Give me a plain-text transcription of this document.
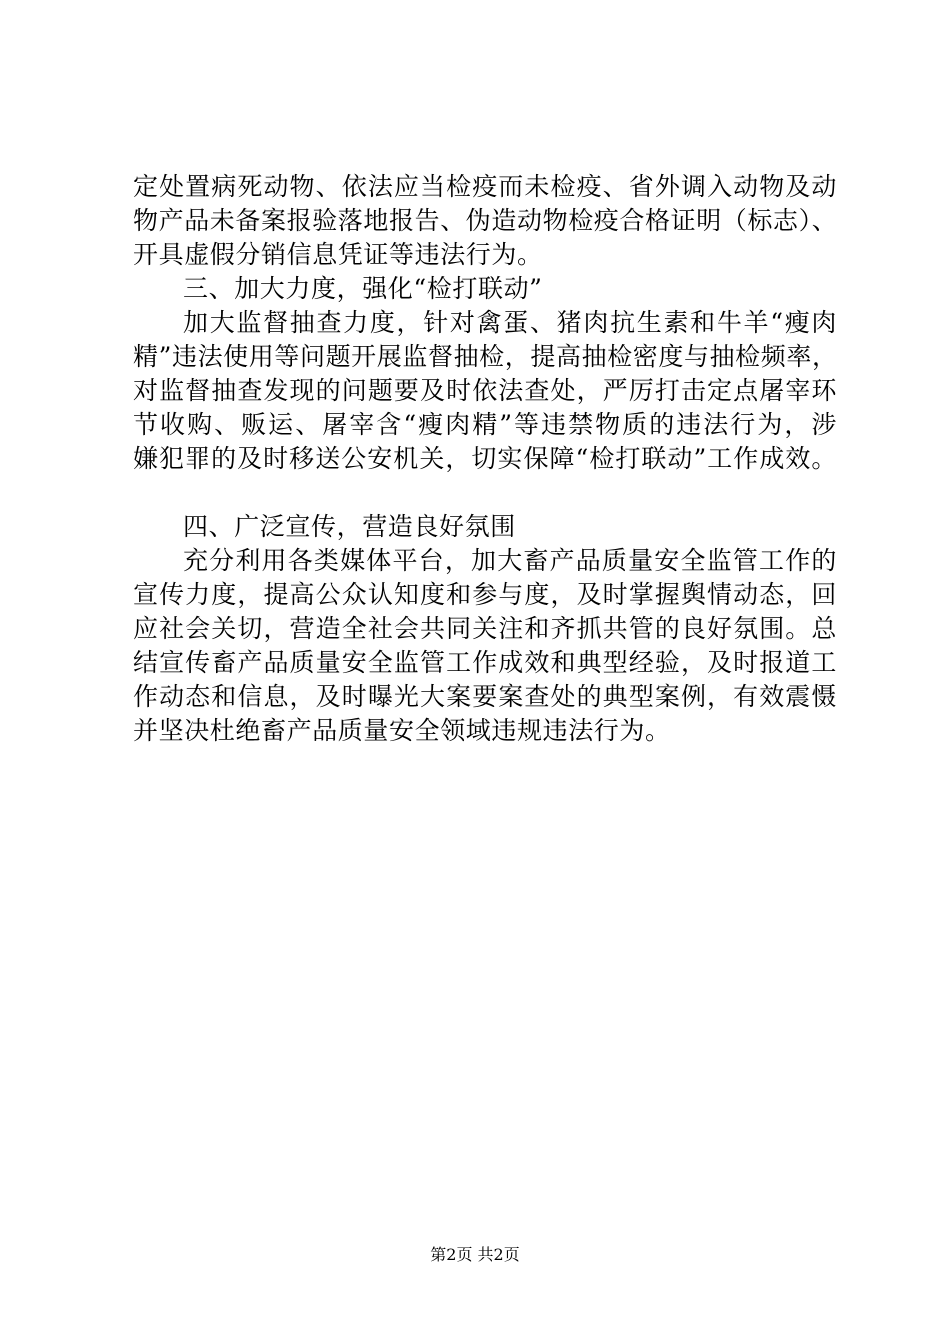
定处置病死动物、依法应当检疫而未检疫、省外调入动物及动
物产品未备案报验落地报告、伪造动物检疫合格证明（标志）、
开具虚假分销信息凭证等违法行为。
三、加大力度，强化“检打联动”
加大监督抽查力度，针对禽蛋、猪肉抗生素和牛羊“瘦肉
精”违法使用等问题开展监督抽检，提高抽检密度与抽检频率，
对监督抽查发现的问题要及时依法查处，严厉打击定点屠宰环
节收购、贩运、屠宰含“瘦肉精”等违禁物质的违法行为，涉
嫌犯罪的及时移送公安机关，切实保障“检打联动”工作成效。
四、广泛宣传，营造良好氛围
充分利用各类媒体平台，加大畜产品质量安全监管工作的
宣传力度，提高公众认知度和参与度，及时掌握舆情动态，回
应社会关切，营造全社会共同关注和齐抓共管的良好氛围。总
结宣传畜产品质量安全监管工作成效和典型经验，及时报道工
作动态和信息，及时曝光大案要案查处的典型案例，有效震慑
并坚决杜绝畜产品质量安全领域违规违法行为。
第2页 共2页
